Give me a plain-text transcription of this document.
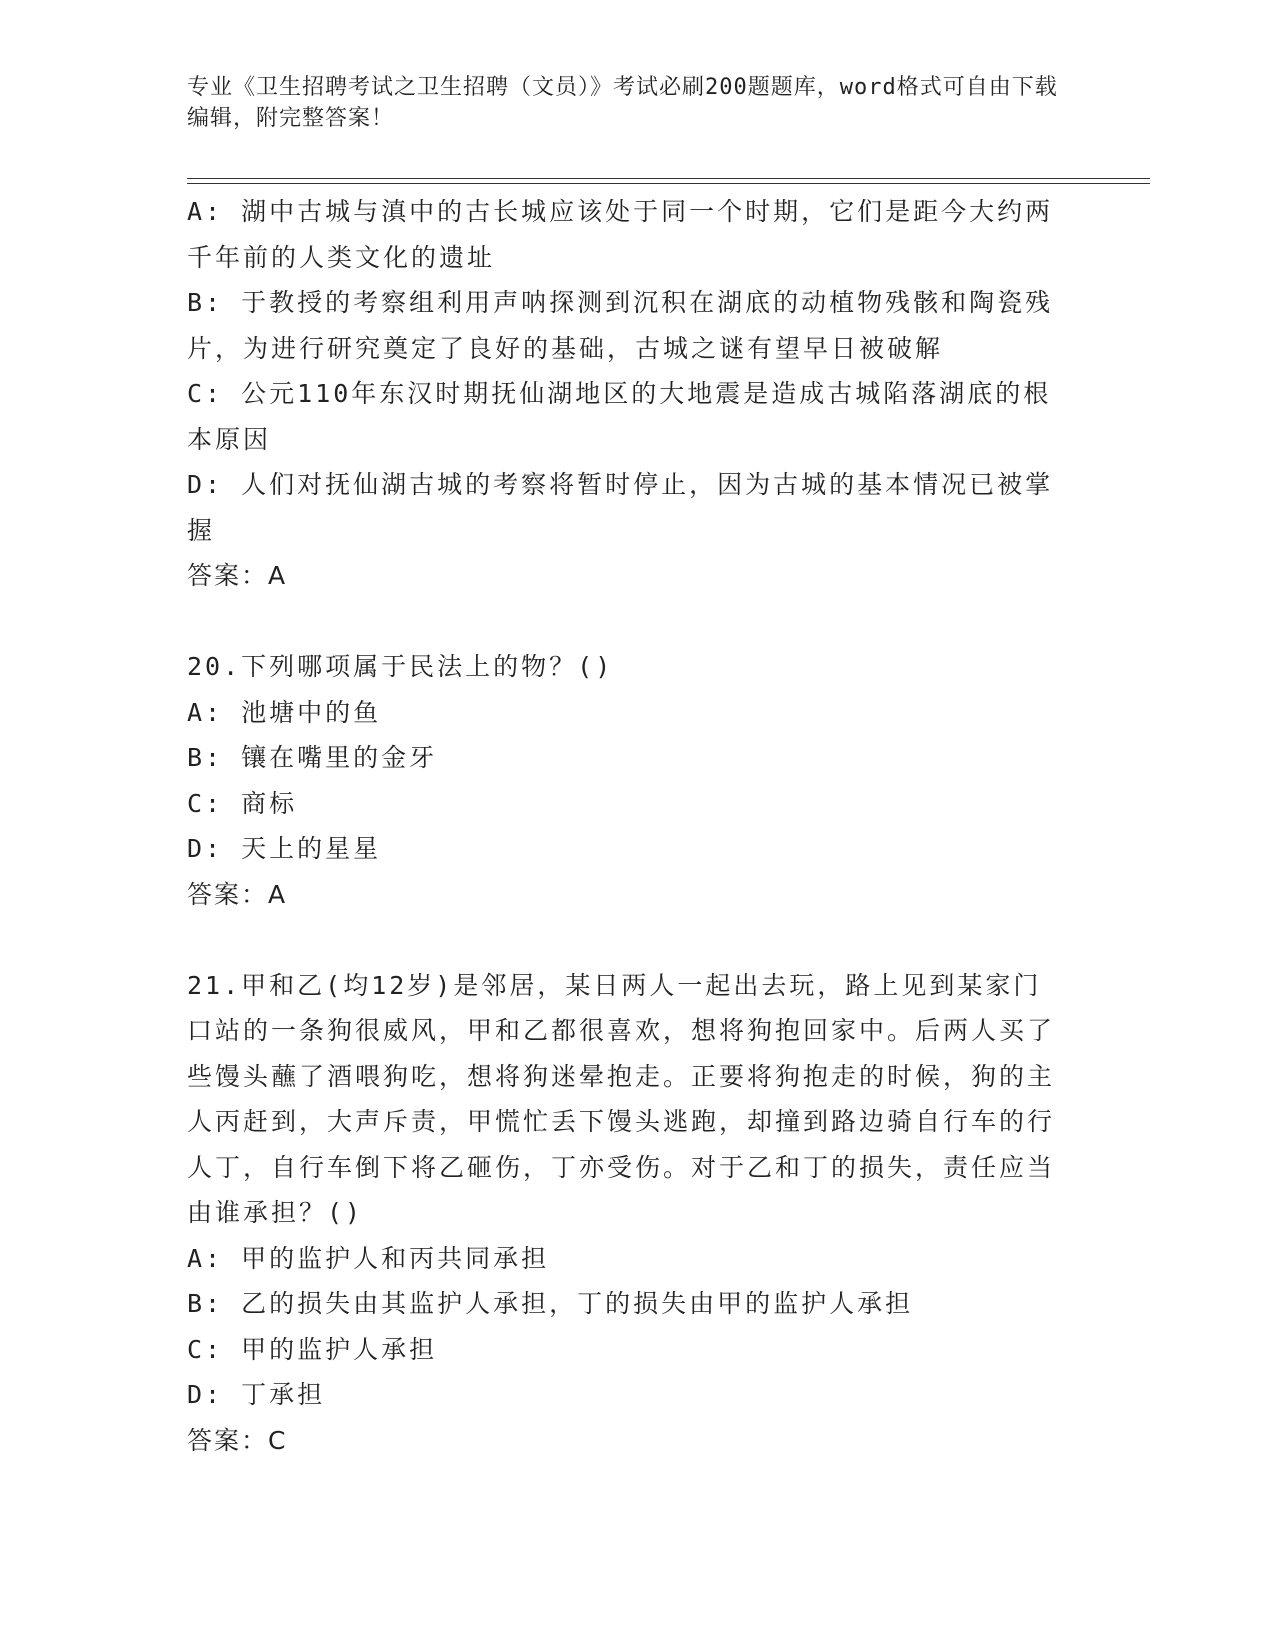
专业《卫生招聘考试之卫生招聘（文员）》考试必刷200题题库，word格式可自由下载编辑，附完整答案！
A: 湖中古城与滇中的古长城应该处于同一个时期，它们是距今大约两千年前的人类文化的遗址
B: 于教授的考察组利用声呐探测到沉积在湖底的动植物残骸和陶瓷残片，为进行研究奠定了良好的基础，古城之谜有望早日被破解
C: 公元110年东汉时期抚仙湖地区的大地震是造成古城陷落湖底的根本原因
D: 人们对抚仙湖古城的考察将暂时停止，因为古城的基本情况已被掌握
答案：A
20.下列哪项属于民法上的物？()
A: 池塘中的鱼
B: 镶在嘴里的金牙
C: 商标
D: 天上的星星
答案：A
21.甲和乙(均12岁)是邻居，某日两人一起出去玩，路上见到某家门口站的一条狗很威风，甲和乙都很喜欢，想将狗抱回家中。后两人买了些馒头蘸了酒喂狗吃，想将狗迷晕抱走。正要将狗抱走的时候，狗的主人丙赶到，大声斥责，甲慌忙丢下馒头逃跑，却撞到路边骑自行车的行人丁，自行车倒下将乙砸伤，丁亦受伤。对于乙和丁的损失，责任应当由谁承担？()
A: 甲的监护人和丙共同承担
B: 乙的损失由其监护人承担，丁的损失由甲的监护人承担
C: 甲的监护人承担
D: 丁承担
答案：C
